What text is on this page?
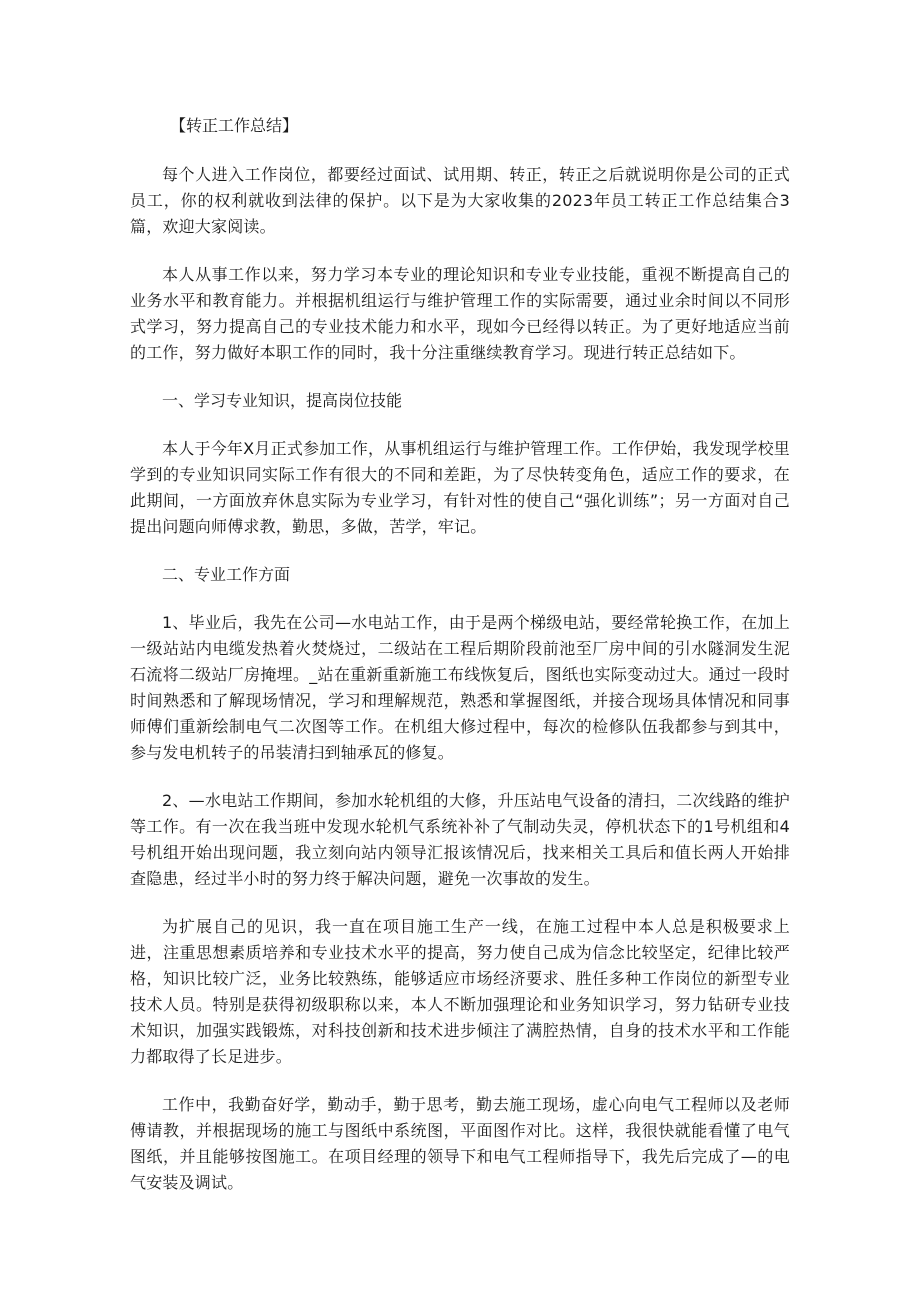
【转正工作总结】

每个人进入工作岗位，都要经过面试、试用期、转正，转正之后就说明你是公司的正式员工，你的权利就收到法律的保护。以下是为大家收集的2023年员工转正工作总结集合3篇，欢迎大家阅读。

本人从事工作以来，努力学习本专业的理论知识和专业专业技能，重视不断提高自己的业务水平和教育能力。并根据机组运行与维护管理工作的实际需要，通过业余时间以不同形式学习，努力提高自己的专业技术能力和水平，现如今已经得以转正。为了更好地适应当前的工作，努力做好本职工作的同时，我十分注重继续教育学习。现进行转正总结如下。

一、学习专业知识，提高岗位技能

本人于今年X月正式参加工作，从事机组运行与维护管理工作。工作伊始，我发现学校里学到的专业知识同实际工作有很大的不同和差距，为了尽快转变角色，适应工作的要求，在此期间，一方面放弃休息实际为专业学习，有针对性的使自己“强化训练”；另一方面对自己提出问题向师傅求教，勤思，多做，苦学，牢记。

二、专业工作方面

1、毕业后，我先在公司—水电站工作，由于是两个梯级电站，要经常轮换工作，在加上一级站站内电缆发热着火焚烧过，二级站在工程后期阶段前池至厂房中间的引水隧洞发生泥石流将二级站厂房掩埋。_站在重新重新施工布线恢复后，图纸也实际变动过大。通过一段时时间熟悉和了解现场情况，学习和理解规范，熟悉和掌握图纸，并接合现场具体情况和同事师傅们重新绘制电气二次图等工作。在机组大修过程中，每次的检修队伍我都参与到其中，参与发电机转子的吊装清扫到轴承瓦的修复。

2、—水电站工作期间，参加水轮机组的大修，升压站电气设备的清扫，二次线路的维护等工作。有一次在我当班中发现水轮机气系统补补了气制动失灵，停机状态下的1号机组和4号机组开始出现问题，我立刻向站内领导汇报该情况后，找来相关工具后和值长两人开始排查隐患，经过半小时的努力终于解决问题，避免一次事故的发生。

为扩展自己的见识，我一直在项目施工生产一线，在施工过程中本人总是积极要求上进，注重思想素质培养和专业技术水平的提高，努力使自己成为信念比较坚定，纪律比较严格，知识比较广泛，业务比较熟练，能够适应市场经济要求、胜任多种工作岗位的新型专业技术人员。特别是获得初级职称以来，本人不断加强理论和业务知识学习，努力钻研专业技术知识，加强实践锻炼，对科技创新和技术进步倾注了满腔热情，自身的技术水平和工作能力都取得了长足进步。

工作中，我勤奋好学，勤动手，勤于思考，勤去施工现场，虚心向电气工程师以及老师傅请教，并根据现场的施工与图纸中系统图，平面图作对比。这样，我很快就能看懂了电气图纸，并且能够按图施工。在项目经理的领导下和电气工程师指导下，我先后完成了—的电气安装及调试。
